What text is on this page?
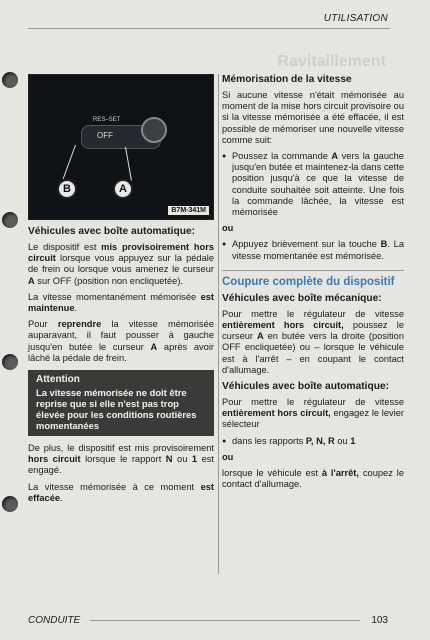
UTILISATION
Ravitaillement
RES–SET
OFF
B	A
B7M-341M
Véhicules avec boîte automatique:

Le dispositif est mis provisoirement hors circuit lorsque vous appuyez sur la pédale de frein ou lorsque vous amenez le curseur A sur OFF (position non encliquetée).

La vitesse momentanément mémorisée est maintenue.

Pour reprendre la vitesse mémorisée auparavant, il faut pousser à gauche jusqu'en butée le curseur A après avoir lâché la pédale de frein.

Attention
La vitesse mémorisée ne doit être reprise que si elle n'est pas trop élevée pour les conditions routières momentanées

De plus, le dispositif est mis provisoirement hors circuit lorsque le rapport N ou 1 est engagé.

La vitesse mémorisée à ce moment est effacée.

Mémorisation de la vitesse

Si aucune vitesse n'était mémorisée au moment de la mise hors circuit provisoire ou si la vitesse mémorisée a été effacée, il est possible de mémoriser une nouvelle vitesse comme suit:

● Poussez la commande A vers la gauche jusqu'en butée et maintenez-la dans cette position jusqu'à ce que la vitesse de conduite souhaitée soit atteinte. Une fois la commande lâchée, la vitesse est mémorisée

ou

● Appuyez brièvement sur la touche B. La vitesse momentanée est mémorisée.

Coupure complète du dispositif
Véhicules avec boîte mécanique:

Pour mettre le régulateur de vitesse entièrement hors circuit, poussez le curseur A en butée vers la droite (position OFF encliquetée) ou – lorsque le véhicule est à l'arrêt – en coupant le contact d'allumage.

Véhicules avec boîte automatique:

Pour mettre le régulateur de vitesse entièrement hors circuit, engagez le levier sélecteur

● dans les rapports P, N, R ou 1

ou

lorsque le véhicule est à l'arrêt, coupez le contact d'allumage.

CONDUITE	103
